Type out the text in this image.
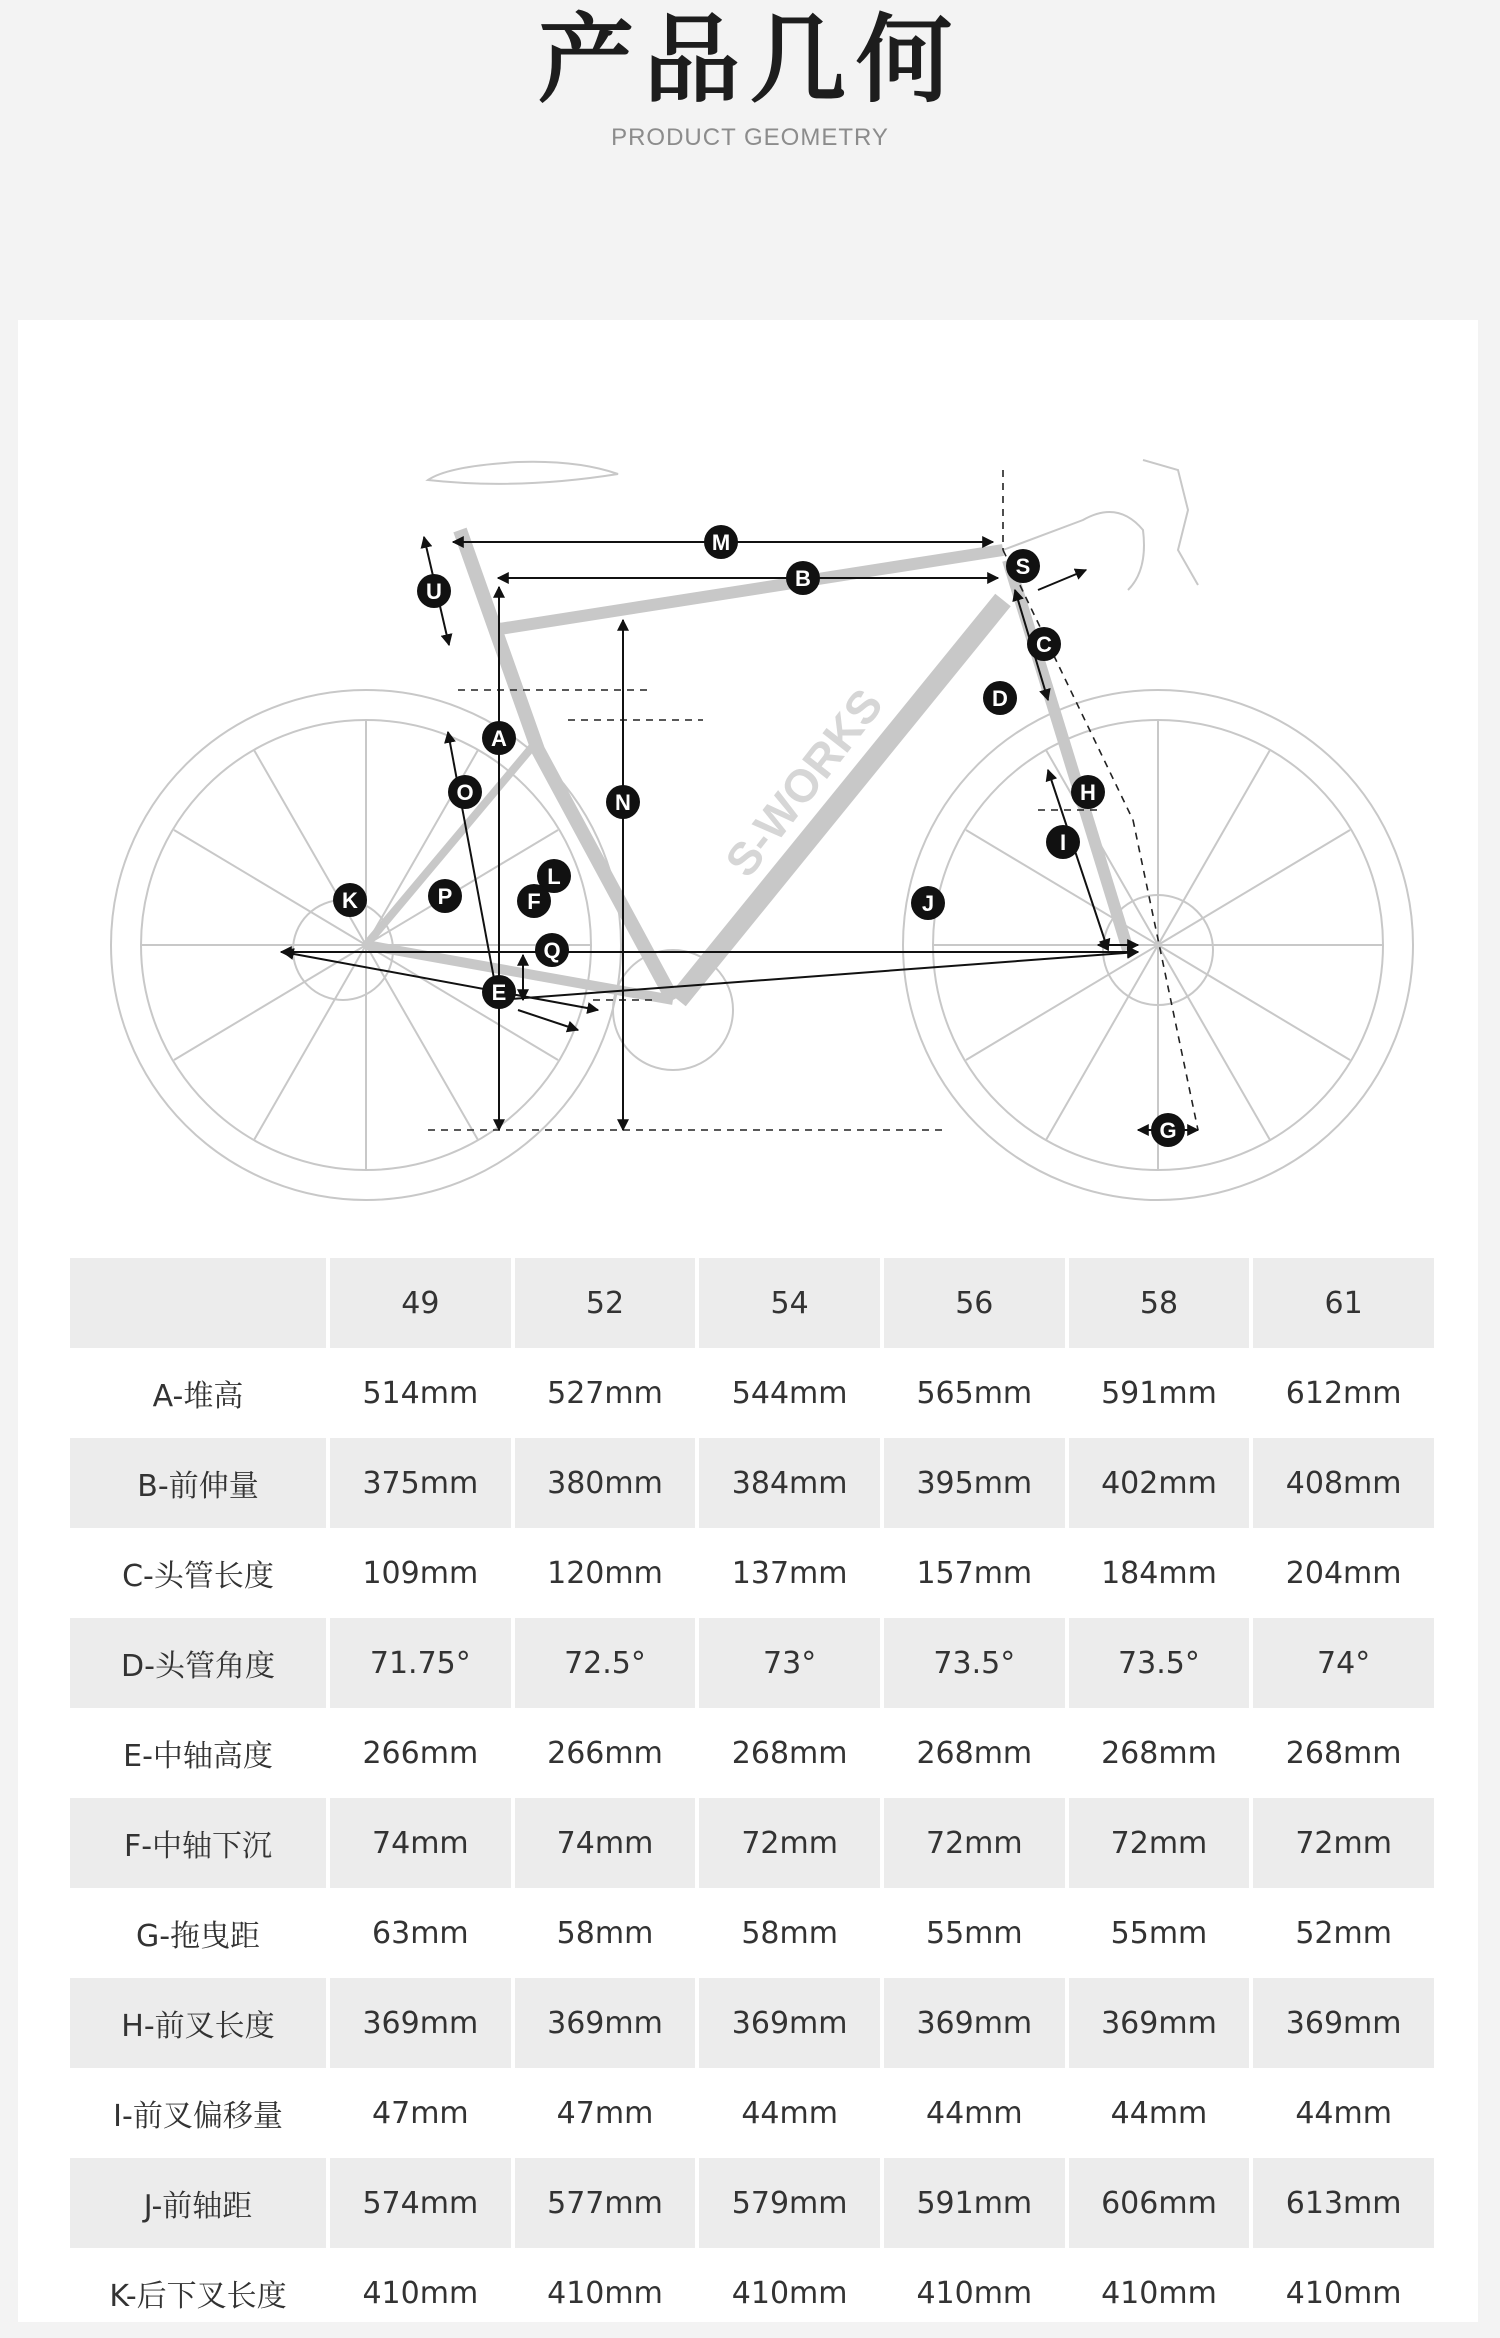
产品几何
PRODUCT GEOMETRY
S-WORKS
M
B	S
C
U
D
A
O	N	H
I
L
P	F	J
K
Q
E
G
	49	52	54	56	58	61
A-堆高	514mm	527mm	544mm	565mm	591mm	612mm
B-前伸量	375mm	380mm	384mm	395mm	402mm	408mm
C-头管长度	109mm	120mm	137mm	157mm	184mm	204mm
D-头管角度	71.75°	72.5°	73°	73.5°	73.5°	74°
E-中轴高度	266mm	266mm	268mm	268mm	268mm	268mm
F-中轴下沉	74mm	74mm	72mm	72mm	72mm	72mm
G-拖曳距	63mm	58mm	58mm	55mm	55mm	52mm
H-前叉长度	369mm	369mm	369mm	369mm	369mm	369mm
I-前叉偏移量	47mm	47mm	44mm	44mm	44mm	44mm
J-前轴距	574mm	577mm	579mm	591mm	606mm	613mm
K-后下叉长度	410mm	410mm	410mm	410mm	410mm	410mm
